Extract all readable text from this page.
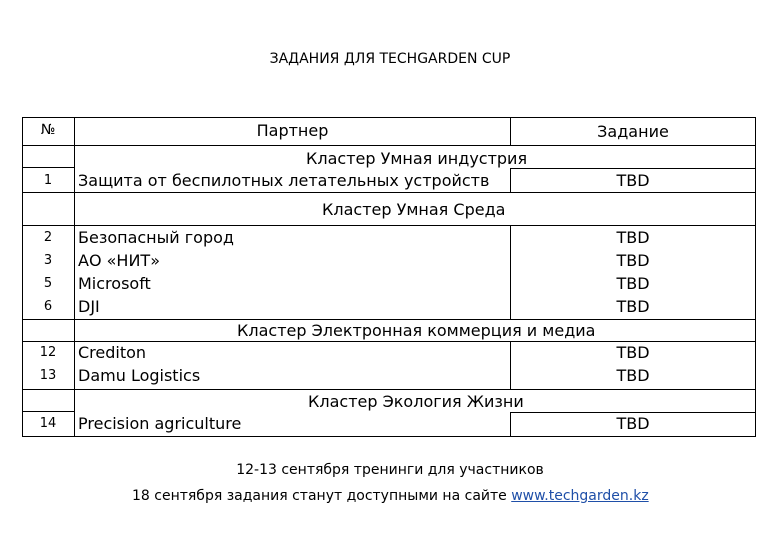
ЗАДАНИЯ ДЛЯ TECHGARDEN CUP
№	Партнер	Задание
Кластер Умная индустрия
1	Защита от беспилотных летательных устройств	TBD
Кластер Умная Среда
2	Безопасный город	TBD
3	АО «НИТ»	TBD
5	Microsoft	TBD
6	DJI	TBD
Кластер Электронная коммерция и медиа
12	Crediton	TBD
13	Damu Logistics	TBD
Кластер Экология Жизни
14	Precision agriculture	TBD
12-13 сентября тренинги для участников
18 сентября задания станут доступными на сайте www.techgarden.kz
